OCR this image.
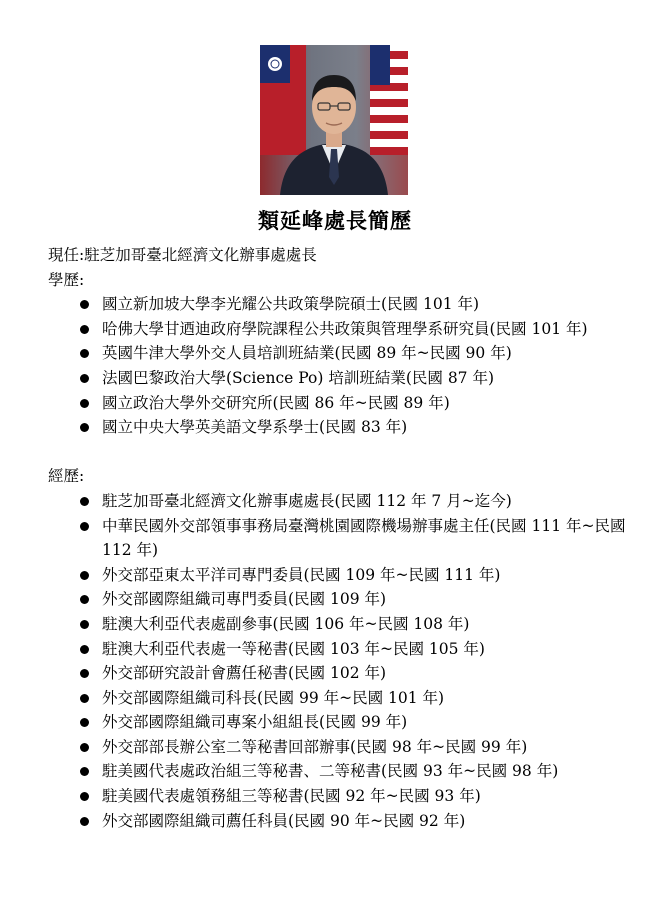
類延峰處長簡歷
現任:駐芝加哥臺北經濟文化辦事處處長
學歷:
國立新加坡大學李光耀公共政策學院碩士(民國 101 年)
哈佛大學甘迺迪政府學院課程公共政策與管理學系研究員(民國 101 年)
英國牛津大學外交人員培訓班結業(民國 89 年~民國 90 年)
法國巴黎政治大學(Science Po) 培訓班結業(民國 87 年)
國立政治大學外交研究所(民國 86 年~民國 89 年)
國立中央大學英美語文學系學士(民國 83 年)
經歷:
駐芝加哥臺北經濟文化辦事處處長(民國 112 年 7 月~迄今)
中華民國外交部領事事務局臺灣桃園國際機場辦事處主任(民國 111 年~民國 112 年)
外交部亞東太平洋司專門委員(民國 109 年~民國 111 年)
外交部國際組織司專門委員(民國 109 年)
駐澳大利亞代表處副參事(民國 106 年~民國 108 年)
駐澳大利亞代表處一等秘書(民國 103 年~民國 105 年)
外交部研究設計會薦任秘書(民國 102 年)
外交部國際組織司科長(民國 99 年~民國 101 年)
外交部國際組織司專案小組組長(民國 99 年)
外交部部長辦公室二等秘書回部辦事(民國 98 年~民國 99 年)
駐美國代表處政治組三等秘書、二等秘書(民國 93 年~民國 98 年)
駐美國代表處領務組三等秘書(民國 92 年~民國 93 年)
外交部國際組織司薦任科員(民國 90 年~民國 92 年)
